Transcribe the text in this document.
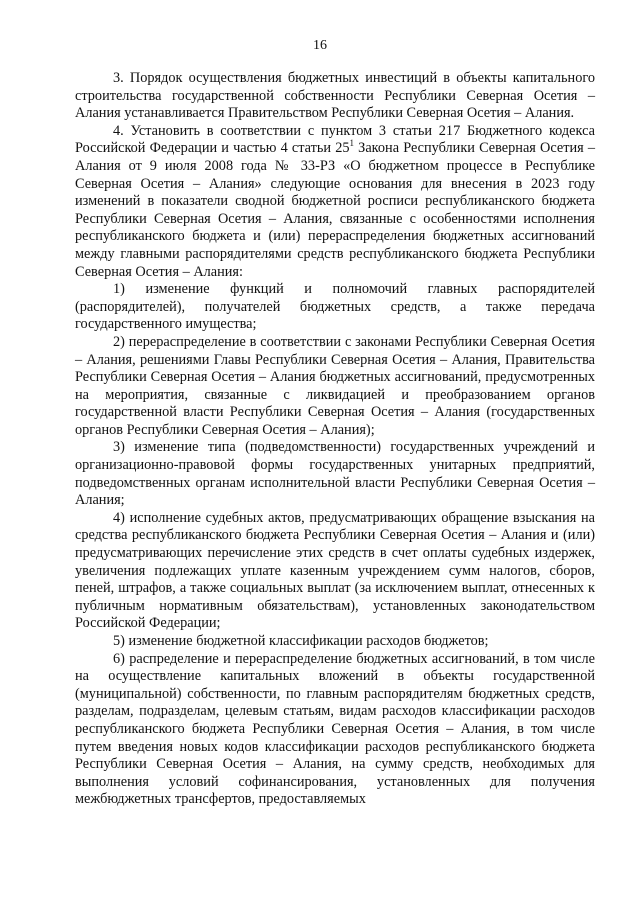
16

3. Порядок осуществления бюджетных инвестиций в объекты капитального строительства государственной собственности Республики Северная Осетия – Алания устанавливается Правительством Республики Северная Осетия – Алания.

4. Установить в соответствии с пунктом 3 статьи 217 Бюджетного кодекса Российской Федерации и частью 4 статьи $25^1$ Закона Республики Северная Осетия – Алания от 9 июля 2008 года № 33-РЗ «О бюджетном процессе в Республике Северная Осетия – Алания» следующие основания для внесения в 2023 году изменений в показатели сводной бюджетной росписи республиканского бюджета Республики Северная Осетия – Алания, связанные с особенностями исполнения республиканского бюджета и (или) перераспределения бюджетных ассигнований между главными распорядителями средств республиканского бюджета Республики Северная Осетия – Алания:

1) изменение функций и полномочий главных распорядителей (распорядителей), получателей бюджетных средств, а также передача государственного имущества;

2) перераспределение в соответствии с законами Республики Северная Осетия – Алания, решениями Главы Республики Северная Осетия – Алания, Правительства Республики Северная Осетия – Алания бюджетных ассигнований, предусмотренных на мероприятия, связанные с ликвидацией и преобразованием органов государственной власти Республики Северная Осетия – Алания (государственных органов Республики Северная Осетия – Алания);

3) изменение типа (подведомственности) государственных учреждений и организационно-правовой формы государственных унитарных предприятий, подведомственных органам исполнительной власти Республики Северная Осетия – Алания;

4) исполнение судебных актов, предусматривающих обращение взыскания на средства республиканского бюджета Республики Северная Осетия – Алания и (или) предусматривающих перечисление этих средств в счет оплаты судебных издержек, увеличения подлежащих уплате казенным учреждением сумм налогов, сборов, пеней, штрафов, а также социальных выплат (за исключением выплат, отнесенных к публичным нормативным обязательствам), установленных законодательством Российской Федерации;

5) изменение бюджетной классификации расходов бюджетов;

6) распределение и перераспределение бюджетных ассигнований, в том числе на осуществление капитальных вложений в объекты государственной (муниципальной) собственности, по главным распорядителям бюджетных средств, разделам, подразделам, целевым статьям, видам расходов классификации расходов республиканского бюджета Республики Северная Осетия – Алания, в том числе путем введения новых кодов классификации расходов республиканского бюджета Республики Северная Осетия – Алания, на сумму средств, необходимых для выполнения условий софинансирования, установленных для получения межбюджетных трансфертов, предоставляемых
